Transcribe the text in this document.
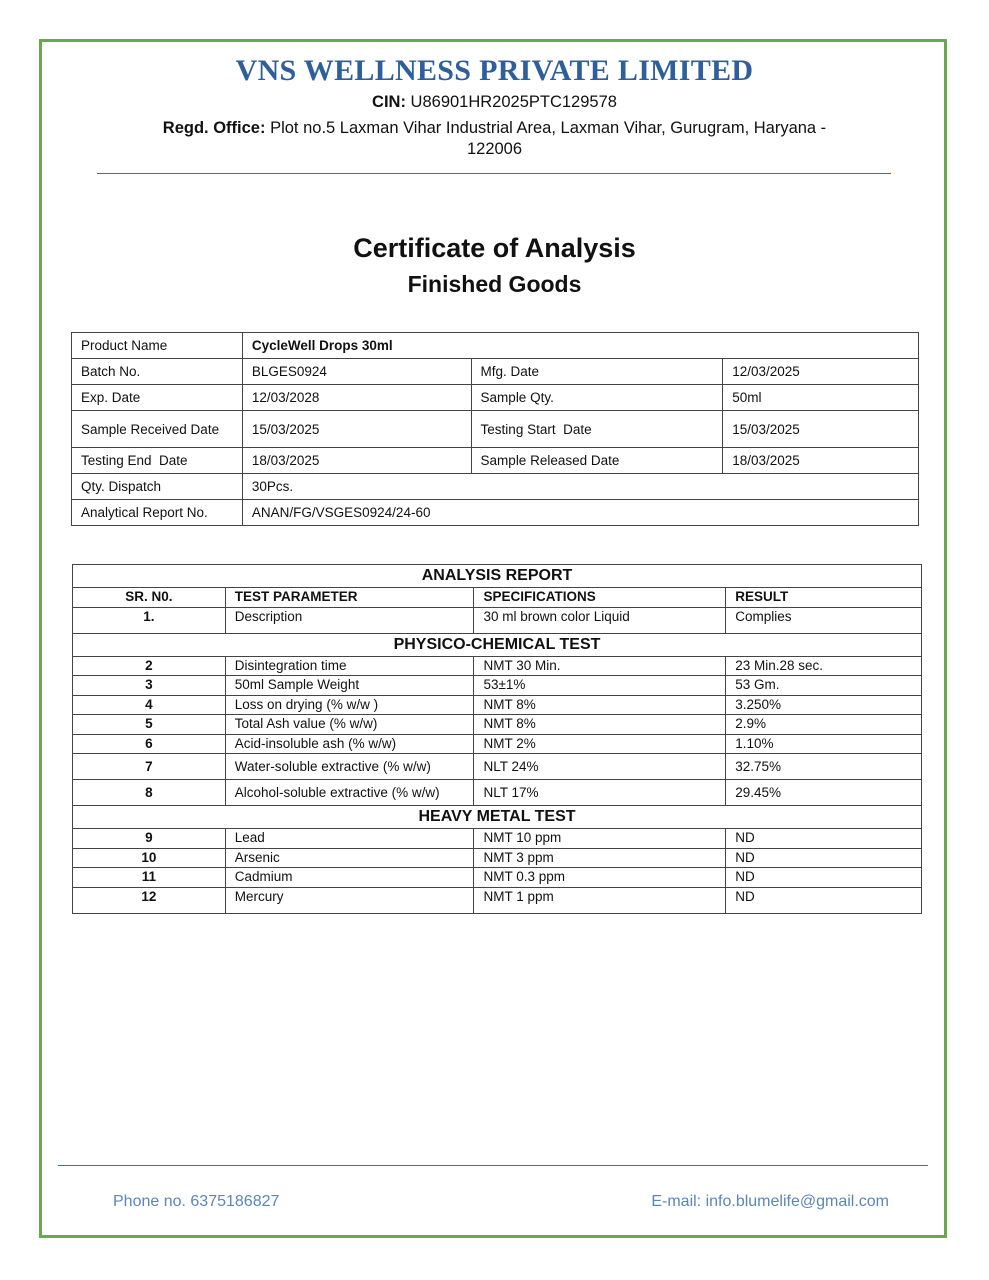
VNS WELLNESS PRIVATE LIMITED
CIN: U86901HR2025PTC129578
Regd. Office: Plot no.5 Laxman Vihar Industrial Area, Laxman Vihar, Gurugram, Haryana - 122006
Certificate of Analysis
Finished Goods
Product Name	CycleWell Drops 30ml		
Batch No.	BLGES0924	Mfg. Date	12/03/2025
Exp. Date	12/03/2028	Sample Qty.	50ml
Sample Received Date	15/03/2025	Testing Start  Date	15/03/2025
Testing End  Date	18/03/2025	Sample Released Date	18/03/2025
Qty. Dispatch	30Pcs.		
Analytical Report No.	ANAN/FG/VSGES0924/24-60		
ANALYSIS REPORT			
SR. N0.	TEST PARAMETER	SPECIFICATIONS	RESULT
1.	Description	30 ml brown color Liquid	Complies
PHYSICO-CHEMICAL TEST			
2	Disintegration time	NMT 30 Min.	23 Min.28 sec.
3	50ml Sample Weight	53±1%	53 Gm.
4	Loss on drying (% w/w )	NMT 8%	3.250%
5	Total Ash value (% w/w)	NMT 8%	2.9%
6	Acid-insoluble ash (% w/w)	NMT 2%	1.10%
7	Water-soluble extractive (% w/w)	NLT 24%	32.75%
8	Alcohol-soluble extractive (% w/w)	NLT 17%	29.45%
HEAVY METAL TEST			
9	Lead	NMT 10 ppm	ND
10	Arsenic	NMT 3 ppm	ND
11	Cadmium	NMT 0.3 ppm	ND
12	Mercury	NMT 1 ppm	ND
Phone no. 6375186827	E-mail: info.blumelife@gmail.com
